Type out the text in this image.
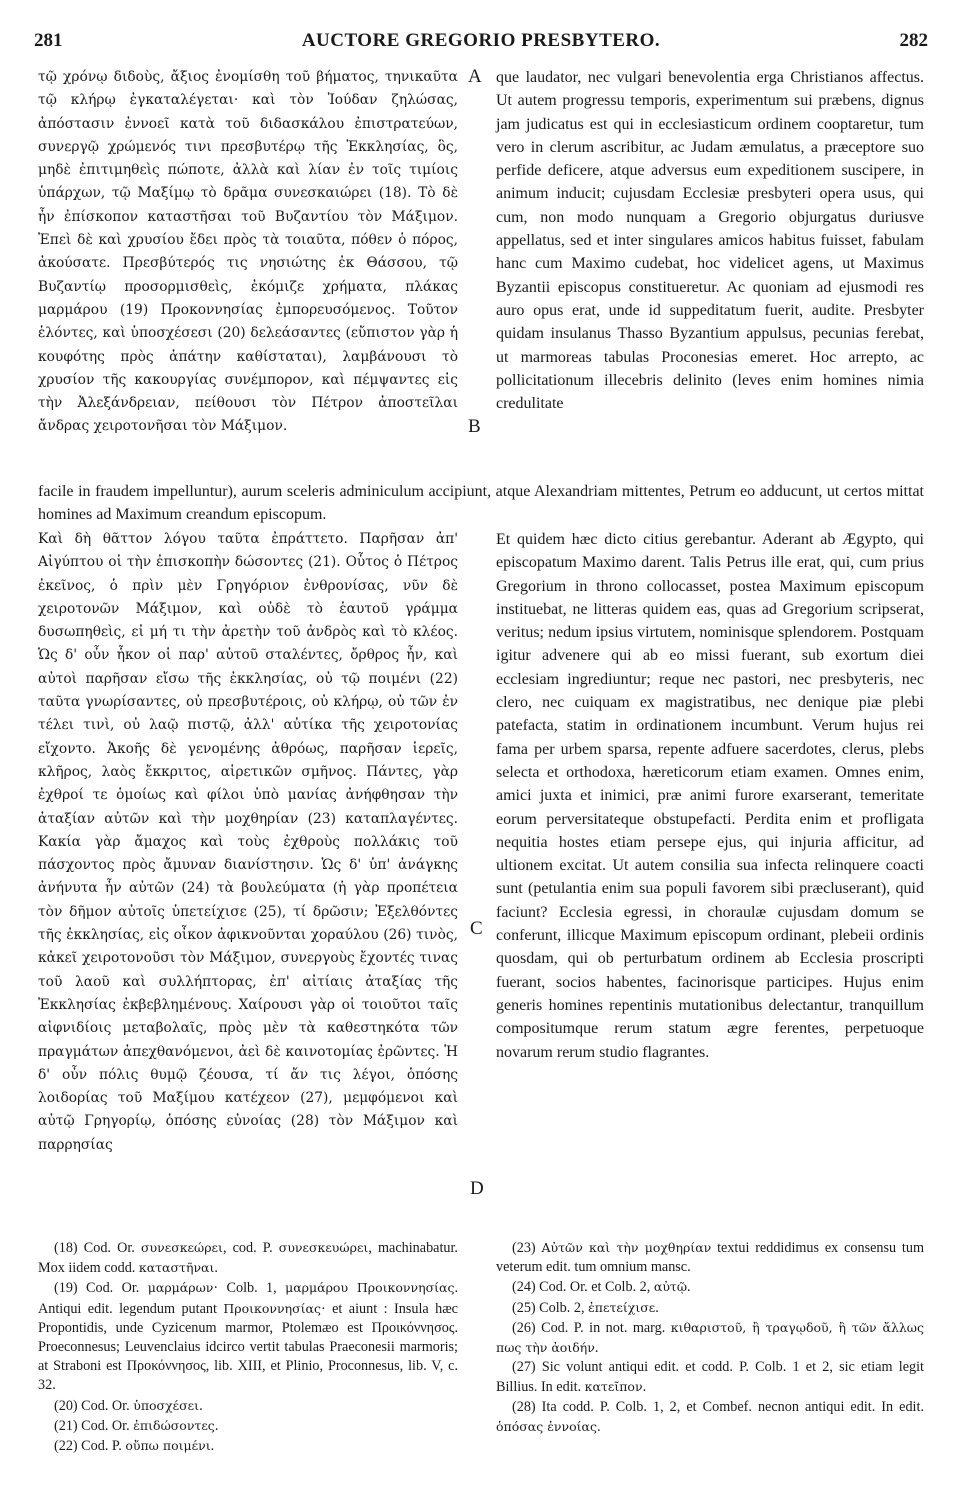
281	AUCTORE GREGORIO PRESBYTERO.	282

τῷ χρόνῳ διδοὺς, ἄξιος ἐνομίσθη τοῦ βήματος, τηνικαῦτα τῷ κλήρῳ ἐγκαταλέγεται· καὶ τὸν Ἰούδαν ζηλώσας, ἀπόστασιν ἐννοεῖ κατὰ τοῦ διδασκάλου ἐπιστρατεύων, συνεργῷ χρώμενός τινι πρεσβυτέρῳ τῆς Ἐκκλησίας, ὃς, μηδὲ ἐπιτιμηθεὶς πώποτε, ἀλλὰ καὶ λίαν ἐν τοῖς τιμίοις ὑπάρχων, τῷ Μαξίμῳ τὸ δρᾶμα συνεσκαιώρει (18). Τὸ δὲ ἦν ἐπίσκοπον καταστῆσαι τοῦ Βυζαντίου τὸν Μάξιμον. Ἐπεὶ δὲ καὶ χρυσίου ἔδει πρὸς τὰ τοιαῦτα, πόθεν ὁ πόρος, ἀκούσατε. Πρεσβύτερός τις νησιώτης ἐκ Θάσσου, τῷ Βυζαντίῳ προσορμισθεὶς, ἐκόμιζε χρήματα, πλάκας μαρμάρου (19) Προκοννησίας ἐμπορευσόμενος. Τοῦτον ἑλόντες, καὶ ὑποσχέσεσι (20) δελεάσαντες (εὔπιστον γὰρ ἡ κουφότης πρὸς ἀπάτην καθίσταται), λαμβάνουσι τὸ χρυσίον τῆς κακουργίας συνέμπορον, καὶ πέμψαντες εἰς τὴν Ἀλεξάνδρειαν, πείθουσι τὸν Πέτρον ἀποστεῖλαι ἄνδρας χειροτονῆσαι τὸν Μάξιμον.

que laudator, nec vulgari benevolentia erga Christianos affectus. Ut autem progressu temporis, experimentum sui præbens, dignus jam judicatus est qui in ecclesiasticum ordinem cooptaretur, tum vero in clerum ascribitur, ac Judam æmulatus, a præceptore suo perfide deficere, atque adversus eum expeditionem suscipere, in animum inducit; cujusdam Ecclesiæ presbyteri opera usus, qui cum, non modo nunquam a Gregorio objurgatus duriusve appellatus, sed et inter singulares amicos habitus fuisset, fabulam hanc cum Maximo cudebat, hoc videlicet agens, ut Maximus Byzantii episcopus constitueretur. Ac quoniam ad ejusmodi res auro opus erat, unde id suppeditatum fuerit, audite. Presbyter quidam insulanus Thasso Byzantium appulsus, pecunias ferebat, ut marmoreas tabulas Proconesias emeret. Hoc arrepto, ac pollicitationum illecebris delinito (leves enim homines nimia credulitate

A
B
facile in fraudem impelluntur), aurum sceleris adminiculum accipiunt, atque Alexandriam mittentes, Petrum eo adducunt, ut certos mittat homines ad Maximum creandum episcopum.

Καὶ δὴ θᾶττον λόγου ταῦτα ἐπράττετο. Παρῆσαν ἀπ' Αἰγύπτου οἱ τὴν ἐπισκοπὴν δώσοντες (21). Οὗτος ὁ Πέτρος ἐκεῖνος, ὁ πρὶν μὲν Γρηγόριον ἐνθρονίσας, νῦν δὲ χειροτονῶν Μάξιμον, καὶ οὐδὲ τὸ ἑαυτοῦ γράμμα δυσωπηθεὶς, εἰ μή τι τὴν ἀρετὴν τοῦ ἀνδρὸς καὶ τὸ κλέος. Ὡς δ' οὖν ἧκον οἱ παρ' αὐτοῦ σταλέντες, ὄρθρος ἦν, καὶ αὐτοὶ παρῆσαν εἴσω τῆς ἐκκλησίας, οὐ τῷ ποιμένι (22) ταῦτα γνωρίσαντες, οὐ πρεσβυτέροις, οὐ κλήρῳ, οὐ τῶν ἐν τέλει τινὶ, οὐ λαῷ πιστῷ, ἀλλ' αὐτίκα τῆς χειροτονίας εἴχοντο. Ἀκοῆς δὲ γενομένης ἀθρόως, παρῆσαν ἱερεῖς, κλῆρος, λαὸς ἔκκριτος, αἱρετικῶν σμῆνος. Πάντες, γὰρ ἐχθροί τε ὁμοίως καὶ φίλοι ὑπὸ μανίας ἀνήφθησαν τὴν ἀταξίαν αὐτῶν καὶ τὴν μοχθηρίαν (23) καταπλαγέντες. Κακία γὰρ ἄμαχος καὶ τοὺς ἐχθροὺς πολλάκις τοῦ πάσχοντος πρὸς ἄμυναν διανίστησιν. Ὡς δ' ὑπ' ἀνάγκης ἀνήνυτα ἦν αὐτῶν (24) τὰ βουλεύματα (ἡ γὰρ προπέτεια τὸν δῆμον αὐτοῖς ὑπετείχισε (25), τί δρῶσιν; Ἐξελθόντες τῆς ἐκκλησίας, εἰς οἶκον ἀφικνοῦνται χοραύλου (26) τινὸς, κἀκεῖ χειροτονοῦσι τὸν Μάξιμον, συνεργοὺς ἔχοντές τινας τοῦ λαοῦ καὶ συλλήπτορας, ἐπ' αἰτίαις ἀταξίας τῆς Ἐκκλησίας ἐκβεβλημένους. Χαίρουσι γὰρ οἱ τοιοῦτοι ταῖς αἰφνιδίοις μεταβολαῖς, πρὸς μὲν τὰ καθεστηκότα τῶν πραγμάτων ἀπεχθανόμενοι, ἀεὶ δὲ καινοτομίας ἐρῶντες. Ἡ δ' οὖν πόλις θυμῷ ζέουσα, τί ἄν τις λέγοι, ὁπόσης λοιδορίας τοῦ Μαξίμου κατέχεον (27), μεμφόμενοι καὶ αὐτῷ Γρηγορίῳ, ὁπόσης εὐνοίας (28) τὸν Μάξιμον καὶ παρρησίας

Et quidem hæc dicto citius gerebantur. Aderant ab Ægypto, qui episcopatum Maximo darent. Talis Petrus ille erat, qui, cum prius Gregorium in throno collocasset, postea Maximum episcopum instituebat, ne litteras quidem eas, quas ad Gregorium scripserat, veritus; nedum ipsius virtutem, nominisque splendorem. Postquam igitur advenere qui ab eo missi fuerant, sub exortum diei ecclesiam ingrediuntur; reque nec pastori, nec presbyteris, nec clero, nec cuiquam ex magistratibus, nec denique piæ plebi patefacta, statim in ordinationem incumbunt. Verum hujus rei fama per urbem sparsa, repente adfuere sacerdotes, clerus, plebs selecta et orthodoxa, hæreticorum etiam examen. Omnes enim, amici juxta et inimici, præ animi furore exarserant, temeritate eorum perversitateque obstupefacti. Perdita enim et profligata nequitia hostes etiam persepe ejus, qui injuria afficitur, ad ultionem excitat. Ut autem consilia sua infecta relinquere coacti sunt (petulantia enim sua populi favorem sibi præcluserant), quid faciunt? Ecclesia egressi, in choraulæ cujusdam domum se conferunt, illicque Maximum episcopum ordinant, plebeii ordinis quosdam, qui ob perturbatum ordinem ab Ecclesia proscripti fuerant, socios habentes, facinorisque participes. Hujus enim generis homines repentinis mutationibus delectantur, tranquillum compositumque rerum statum ægre ferentes, perpetuoque novarum rerum studio flagrantes.

C
D

(18) Cod. Or. συνεσκεώρει, cod. P. συνεσκευώρει, machinabatur. Mox iidem codd. καταστῆναι.

(19) Cod. Or. μαρμάρων· Colb. 1, μαρμάρου Προικοννησίας. Antiqui edit. legendum putant Προικοννησίας· et aiunt : Insula hæc Propontidis, unde Cyzicenum marmor, Ptolemæo est Προικόννησος. Proeconnesus; Leuvenclaius idcirco vertit tabulas Praeconesii marmoris; at Straboni est Προκόννησος, lib. XIII, et Plinio, Proconnesus, lib. V, c. 32.

(20) Cod. Or. ὑποσχέσει.

(21) Cod. Or. ἐπιδώσοντες.

(22) Cod. P. οὔπω ποιμένι.

(23) Αὐτῶν καὶ τὴν μοχθηρίαν textui reddidimus ex consensu tum veterum edit. tum omnium mansc.

(24) Cod. Or. et Colb. 2, αὐτῷ.

(25) Colb. 2, ἐπετείχισε.

(26) Cod. P. in not. marg. κιθαριστοῦ, ἢ τραγῳδοῦ, ἢ τῶν ἄλλως πως τὴν ἀοιδήν.

(27) Sic volunt antiqui edit. et codd. P. Colb. 1 et 2, sic etiam legit Billius. In edit. κατεῖπον.

(28) Ita codd. P. Colb. 1, 2, et Combef. necnon antiqui edit. In edit. ὁπόσας ἐννοίας.
